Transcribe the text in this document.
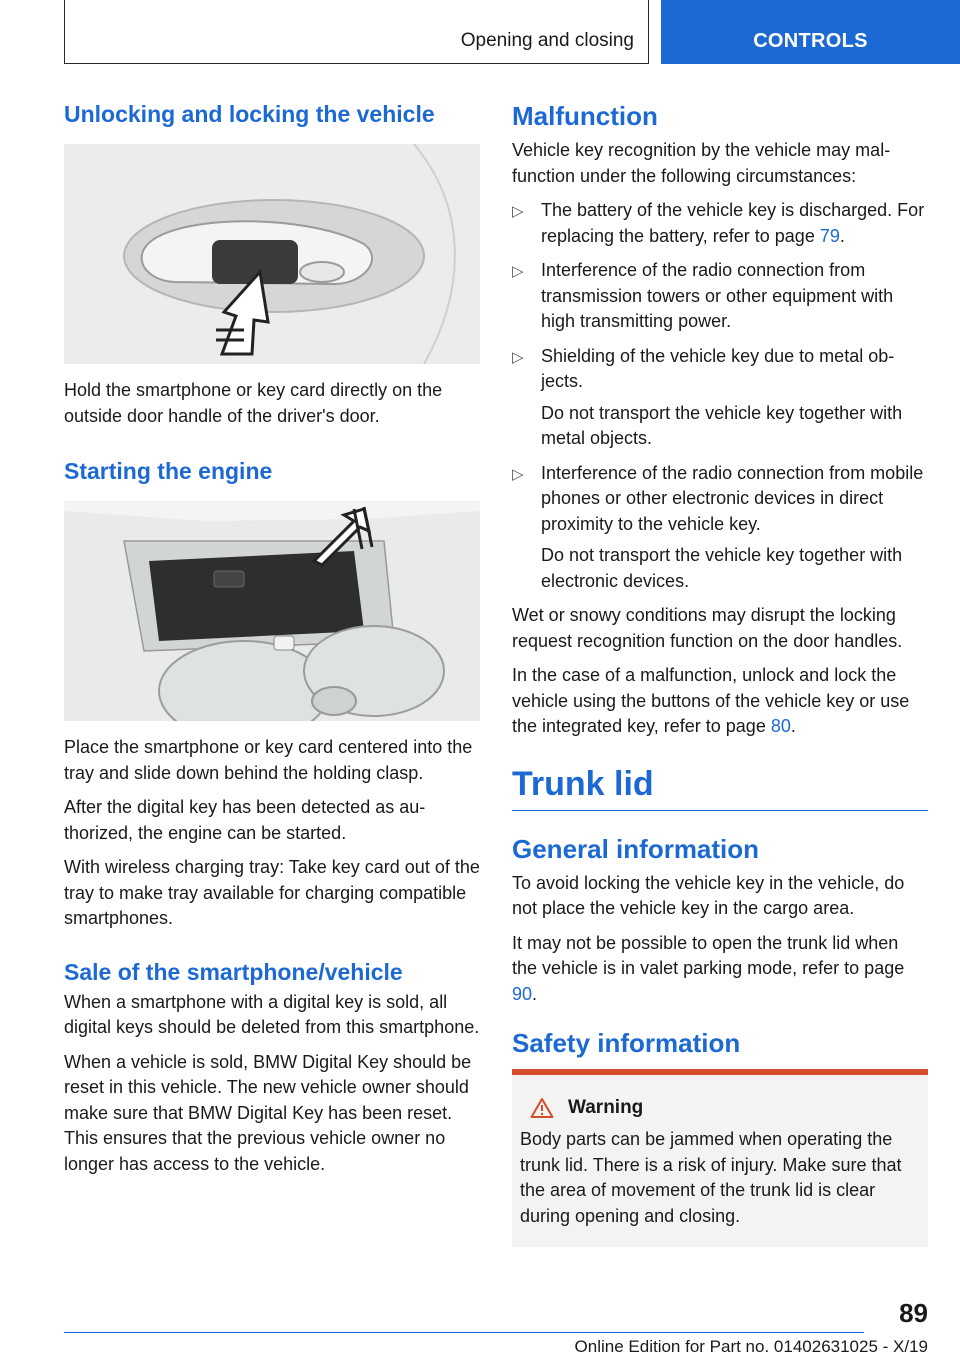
Opening and closing	CONTROLS
Unlocking and locking the vehicle

Hold the smartphone or key card directly on the outside door handle of the driver's door.

Starting the engine

Place the smartphone or key card centered into the tray and slide down behind the holding clasp.

After the digital key has been detected as authorized, the engine can be started.

With wireless charging tray: Take key card out of the tray to make tray available for charging compatible smartphones.

Sale of the smartphone/vehicle

When a smartphone with a digital key is sold, all digital keys should be deleted from this smartphone.

When a vehicle is sold, BMW Digital Key should be reset in this vehicle. The new vehicle owner should make sure that BMW Digital Key has been reset. This ensures that the previous vehicle owner no longer has access to the vehicle.

Malfunction

Vehicle key recognition by the vehicle may malfunction under the following circumstances:

▷ The battery of the vehicle key is discharged. For replacing the battery, refer to page 79.
▷ Interference of the radio connection from transmission towers or other equipment with high transmitting power.
▷ Shielding of the vehicle key due to metal objects.
Do not transport the vehicle key together with metal objects.
▷ Interference of the radio connection from mobile phones or other electronic devices in direct proximity to the vehicle key.
Do not transport the vehicle key together with electronic devices.

Wet or snowy conditions may disrupt the locking request recognition function on the door handles.

In the case of a malfunction, unlock and lock the vehicle using the buttons of the vehicle key or use the integrated key, refer to page 80.

Trunk lid
General information

To avoid locking the vehicle key in the vehicle, do not place the vehicle key in the cargo area.

It may not be possible to open the trunk lid when the vehicle is in valet parking mode, refer to page 90.

Safety information
Warning

Body parts can be jammed when operating the trunk lid. There is a risk of injury. Make sure that the area of movement of the trunk lid is clear during opening and closing.

89
Online Edition for Part no. 01402631025 - X/19
